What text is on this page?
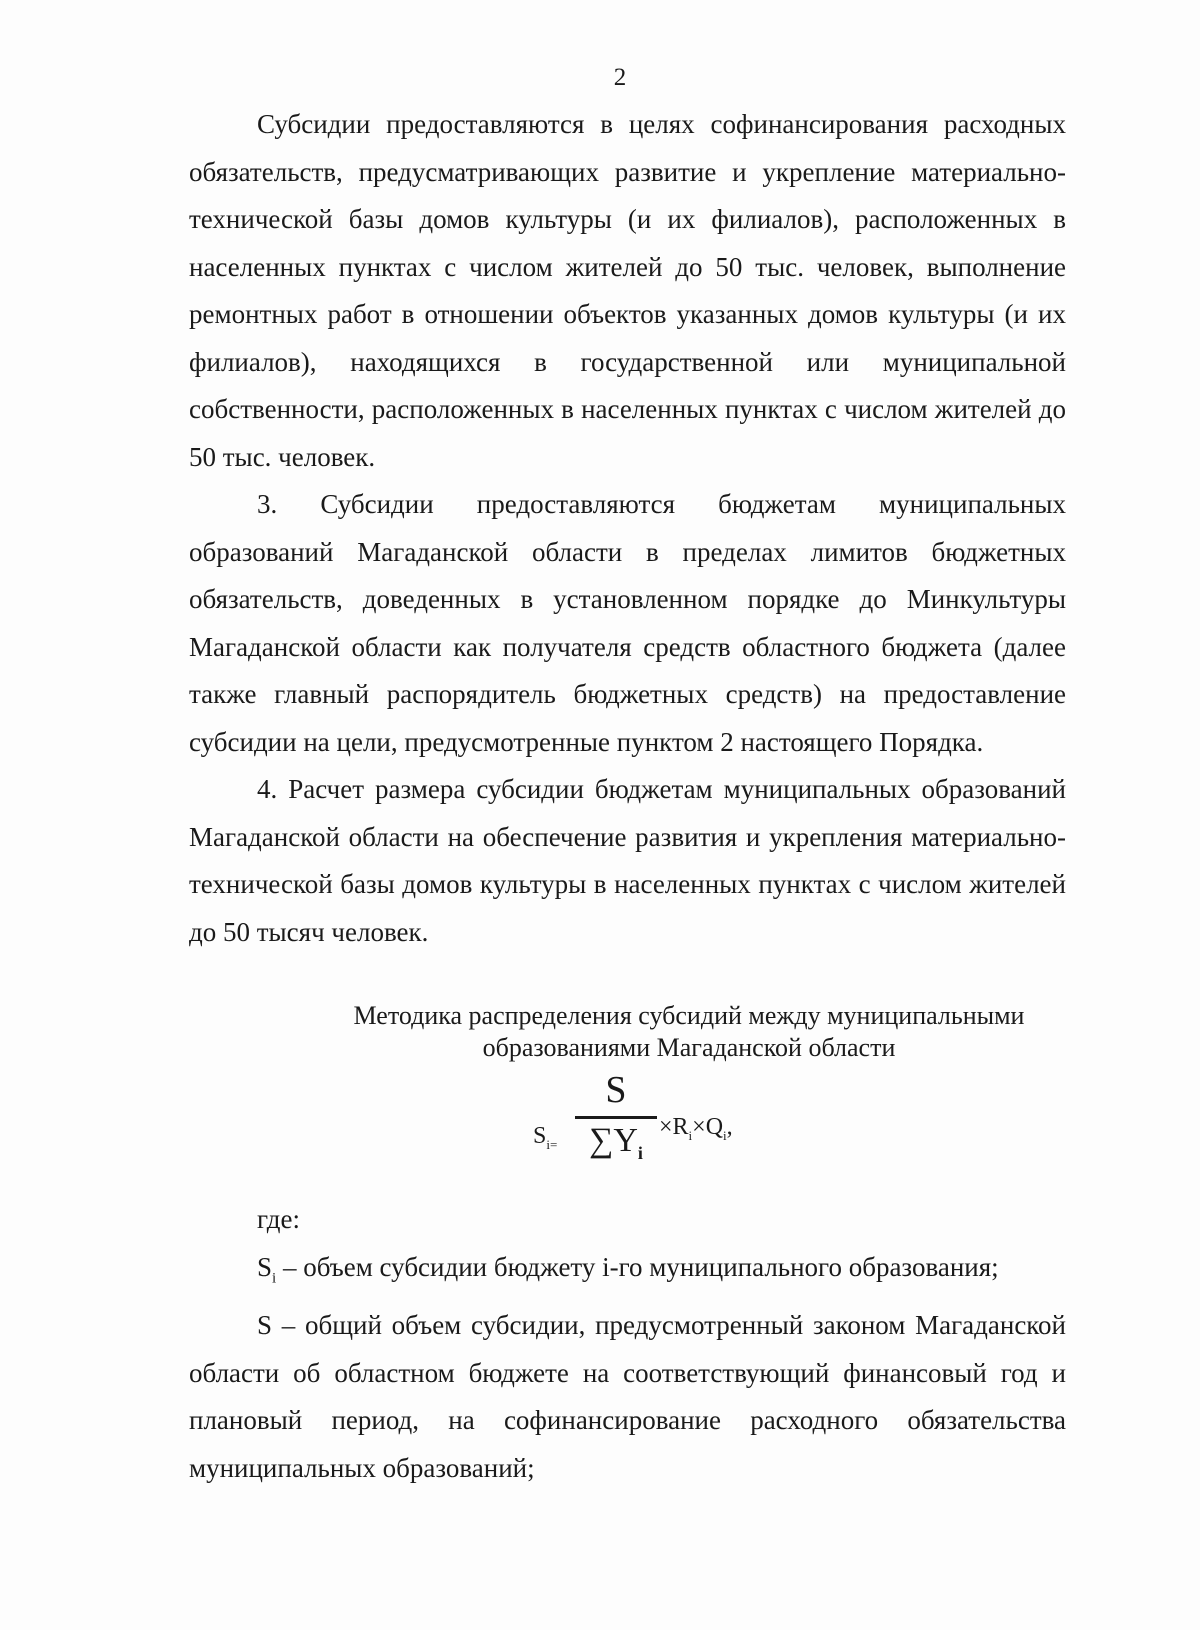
2

Субсидии предоставляются в целях софинансирования расходных обязательств, предусматривающих развитие и укрепление материально-технической базы домов культуры (и их филиалов), расположенных в населенных пунктах с числом жителей до 50 тыс. человек, выполнение ремонтных работ в отношении объектов указанных домов культуры (и их филиалов), находящихся в государственной или муниципальной собственности, расположенных в населенных пунктах с числом жителей до 50 тыс. человек.

3. Субсидии предоставляются бюджетам муниципальных образований Магаданской области в пределах лимитов бюджетных обязательств, доведенных в установленном порядке до Минкультуры Магаданской области как получателя средств областного бюджета (далее также главный распорядитель бюджетных средств) на предоставление субсидии на цели, предусмотренные пунктом 2 настоящего Порядка.

4. Расчет размера субсидии бюджетам муниципальных образований Магаданской области на обеспечение развития и укрепления материально-технической базы домов культуры в населенных пунктах с числом жителей до 50 тысяч человек.

Методика распределения субсидий между муниципальными
образованиями Магаданской области
$S_{i=}$
S
$\sum Y_i$
$\times R_i\times Q_i$,

где:

$S_i$ – объем субсидии бюджету i-го муниципального образования;

S – общий объем субсидии, предусмотренный законом Магаданской области об областном бюджете на соответствующий финансовый год и плановый период, на софинансирование расходного обязательства муниципальных образований;
